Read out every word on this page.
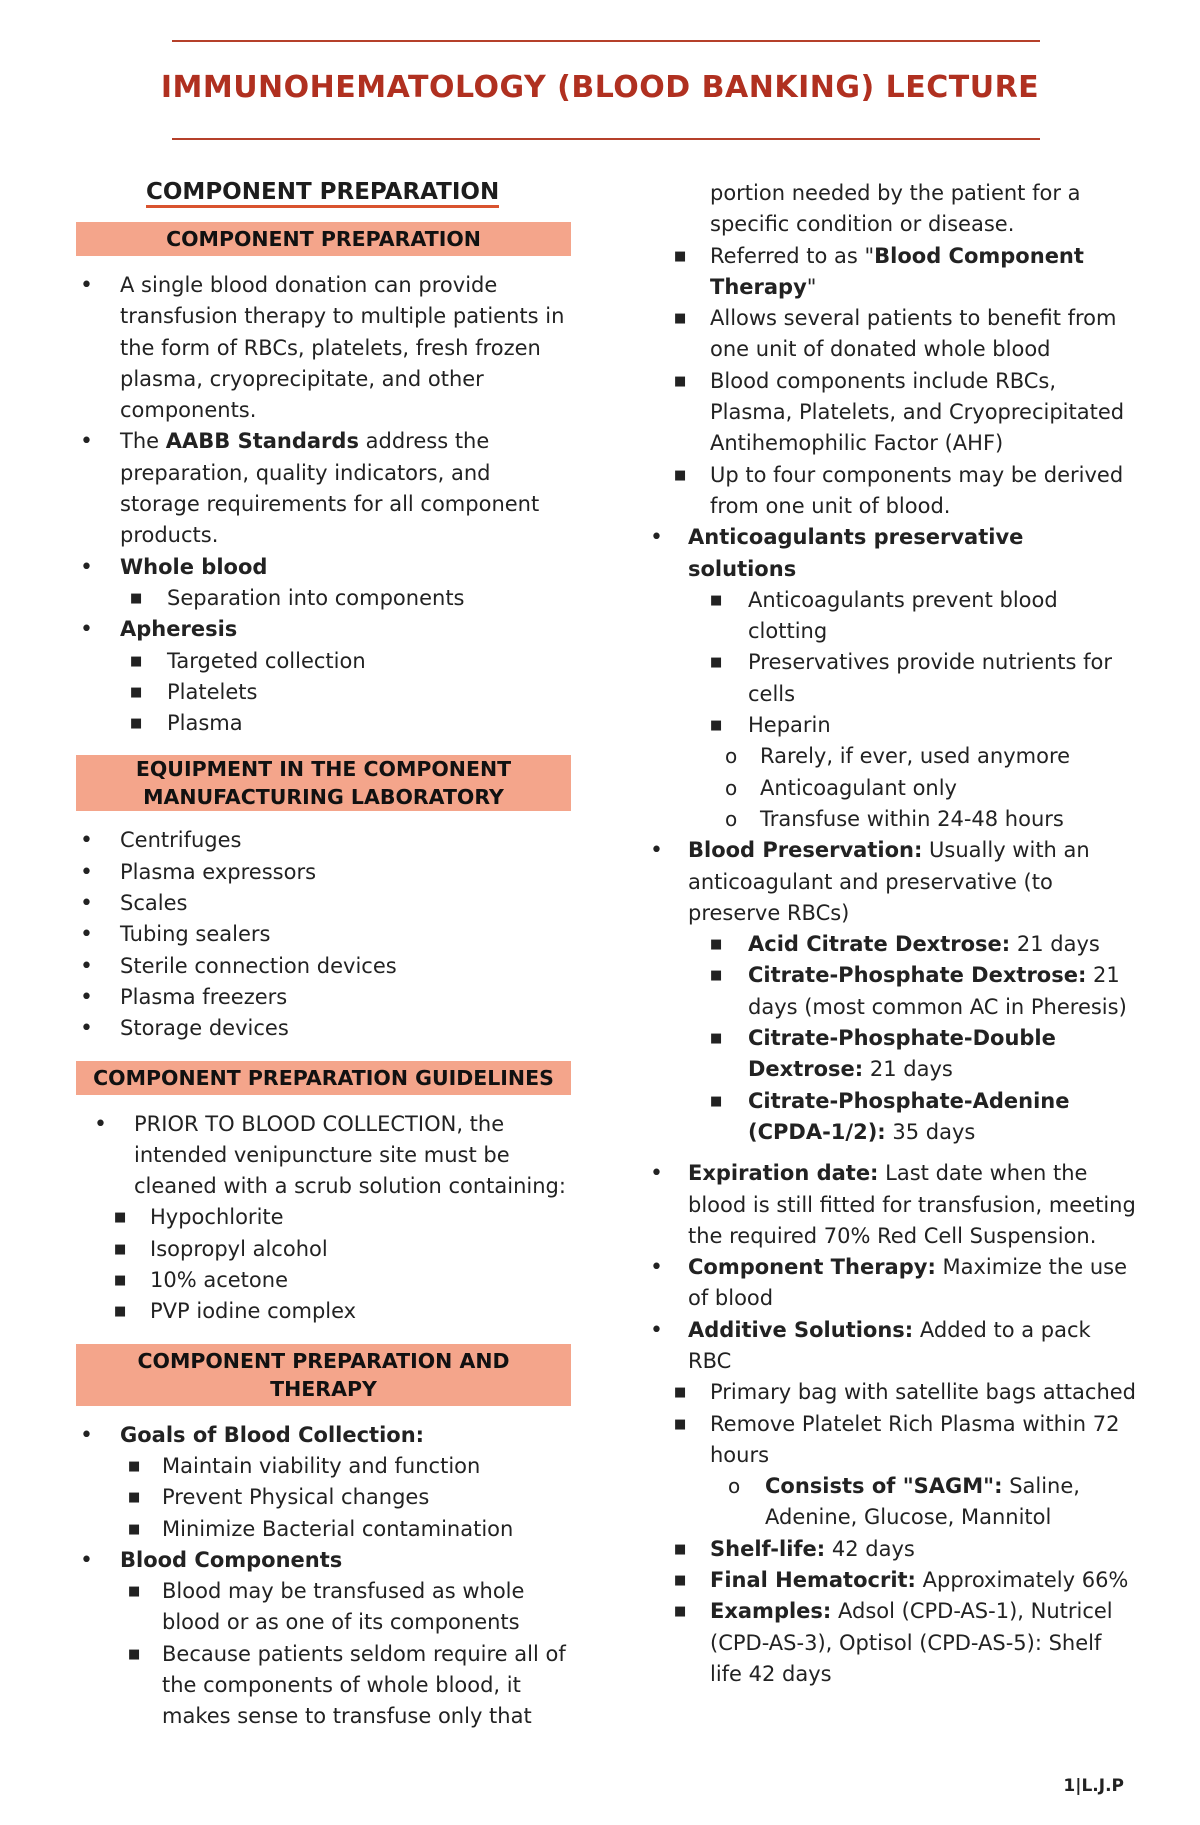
IMMUNOHEMATOLOGY (BLOOD BANKING) LECTURE
COMPONENT PREPARATION
COMPONENT PREPARATION
• A single blood donation can provide transfusion therapy to multiple patients in the form of RBCs, platelets, fresh frozen plasma, cryoprecipitate, and other components.
• The AABB Standards address the preparation, quality indicators, and storage requirements for all component products.
• Whole blood
■ Separation into components
• Apheresis
■ Targeted collection
■ Platelets
■ Plasma
EQUIPMENT IN THE COMPONENT MANUFACTURING LABORATORY
• Centrifuges
• Plasma expressors
• Scales
• Tubing sealers
• Sterile connection devices
• Plasma freezers
• Storage devices
COMPONENT PREPARATION GUIDELINES
• PRIOR TO BLOOD COLLECTION, the intended venipuncture site must be cleaned with a scrub solution containing:
■ Hypochlorite
■ Isopropyl alcohol
■ 10% acetone
■ PVP iodine complex
COMPONENT PREPARATION AND THERAPY
• Goals of Blood Collection:
■ Maintain viability and function
■ Prevent Physical changes
■ Minimize Bacterial contamination
• Blood Components
■ Blood may be transfused as whole blood or as one of its components
■ Because patients seldom require all of the components of whole blood, it makes sense to transfuse only that
portion needed by the patient for a specific condition or disease.
■ Referred to as "Blood Component Therapy"
■ Allows several patients to benefit from one unit of donated whole blood
■ Blood components include RBCs, Plasma, Platelets, and Cryoprecipitated Antihemophilic Factor (AHF)
■ Up to four components may be derived from one unit of blood.
• Anticoagulants preservative solutions
■ Anticoagulants prevent blood clotting
■ Preservatives provide nutrients for cells
■ Heparin
o Rarely, if ever, used anymore
o Anticoagulant only
o Transfuse within 24-48 hours
• Blood Preservation: Usually with an anticoagulant and preservative (to preserve RBCs)
■ Acid Citrate Dextrose: 21 days
■ Citrate-Phosphate Dextrose: 21 days (most common AC in Pheresis)
■ Citrate-Phosphate-Double Dextrose: 21 days
■ Citrate-Phosphate-Adenine (CPDA-1/2): 35 days
• Expiration date: Last date when the blood is still fitted for transfusion, meeting the required 70% Red Cell Suspension.
• Component Therapy: Maximize the use of blood
• Additive Solutions: Added to a pack RBC
■ Primary bag with satellite bags attached
■ Remove Platelet Rich Plasma within 72 hours
o Consists of "SAGM": Saline, Adenine, Glucose, Mannitol
■ Shelf-life: 42 days
■ Final Hematocrit: Approximately 66%
■ Examples: Adsol (CPD-AS-1), Nutricel (CPD-AS-3), Optisol (CPD-AS-5): Shelf life 42 days
1|L.J.P
